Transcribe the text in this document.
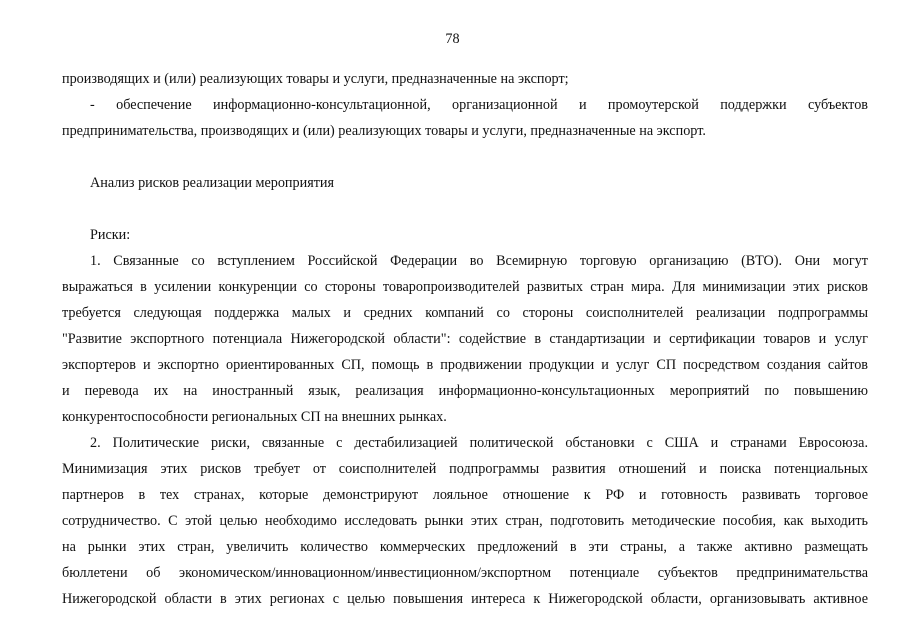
78
производящих и (или) реализующих товары и услуги, предназначенные на экспорт;
- обеспечение информационно-консультационной, организационной и промоутерской поддержки субъектов
предпринимательства, производящих и (или) реализующих товары и услуги, предназначенные на экспорт.
Анализ рисков реализации мероприятия
Риски:
1. Связанные со вступлением Российской Федерации во Всемирную торговую организацию (ВТО). Они могут
выражаться в усилении конкуренции со стороны товаропроизводителей развитых стран мира. Для минимизации этих рисков
требуется следующая поддержка малых и средних компаний со стороны соисполнителей реализации подпрограммы
"Развитие экспортного потенциала Нижегородской области": содействие в стандартизации и сертификации товаров и услуг
экспортеров и экспортно ориентированных СП, помощь в продвижении продукции и услуг СП посредством создания сайтов
и перевода их на иностранный язык, реализация информационно-консультационных мероприятий по повышению
конкурентоспособности региональных СП на внешних рынках.
2. Политические риски, связанные с дестабилизацией политической обстановки с США и странами Евросоюза.
Минимизация этих рисков требует от соисполнителей подпрограммы развития отношений и поиска потенциальных
партнеров в тех странах, которые демонстрируют лояльное отношение к РФ и готовность развивать торговое
сотрудничество. С этой целью необходимо исследовать рынки этих стран, подготовить методические пособия, как выходить
на рынки этих стран, увеличить количество коммерческих предложений в эти страны, а также активно размещать
бюллетени об экономическом/инновационном/инвестиционном/экспортном потенциале субъектов предпринимательства
Нижегородской области в этих регионах с целью повышения интереса к Нижегородской области, организовывать активное
